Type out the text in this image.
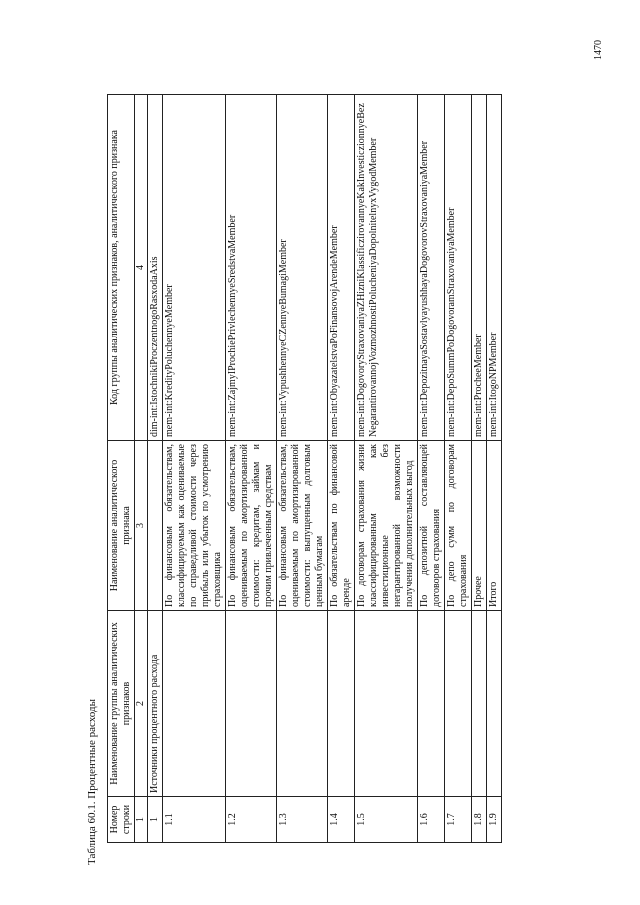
1470
Таблица 60.1. Процентные расходы Номер строки	Наименование группы аналитических признаков	Наименование аналитического признака	Код группы аналитических признаков, аналитического признака
1	2	3	4
1	Источники процентного расхода		dim-int:IstochnikiProczentnogoRasxodaAxis
1.1		По финансовым обязательствам, классифицируемым как оцениваемые по справедливой стоимости через прибыль или убыток по усмотрению страховщика	mem-int:KredityPoluchennyeMember
1.2		По финансовым обязательствам, оцениваемым по амортизированной стоимости: кредитам, займам и прочим привлеченным средствам	mem-int:ZajmyIProchiePrivlechennyeSredstvaMember
1.3		По финансовым обязательствам, оцениваемым по амортизированной стоимости: выпущенным долговым ценным бумагам	mem-int:VypushhennyeCZennyeBumagiMember
1.4		По обязательствам по финансовой аренде	mem-int:ObyazatelstvaPoFinansovojArendeMember
1.5		По договорам страхования жизни классифицированным как инвестиционные без негарантированной возможности получения дополнительных выгод	mem-int:DogovoryStraxovaniyaZHizniKlassificzirovannyeKakInvesticzionnyeBezNegarantirovannojVozmozhnostiPolucheniyaDopolnitelnyxVygodMember
1.6		По депозитной составляющей договоров страхования	mem-int:DepozitnayaSostavlyayushhayaDogovorovStraxovaniyaMember
1.7		По депо сумм по договорам страхования	mem-int:DepoSummPoDogovoramStraxovaniyaMember
1.8		Прочее	mem-int:ProcheeMember
1.9		Итого	mem-int:ItogoNPMember
